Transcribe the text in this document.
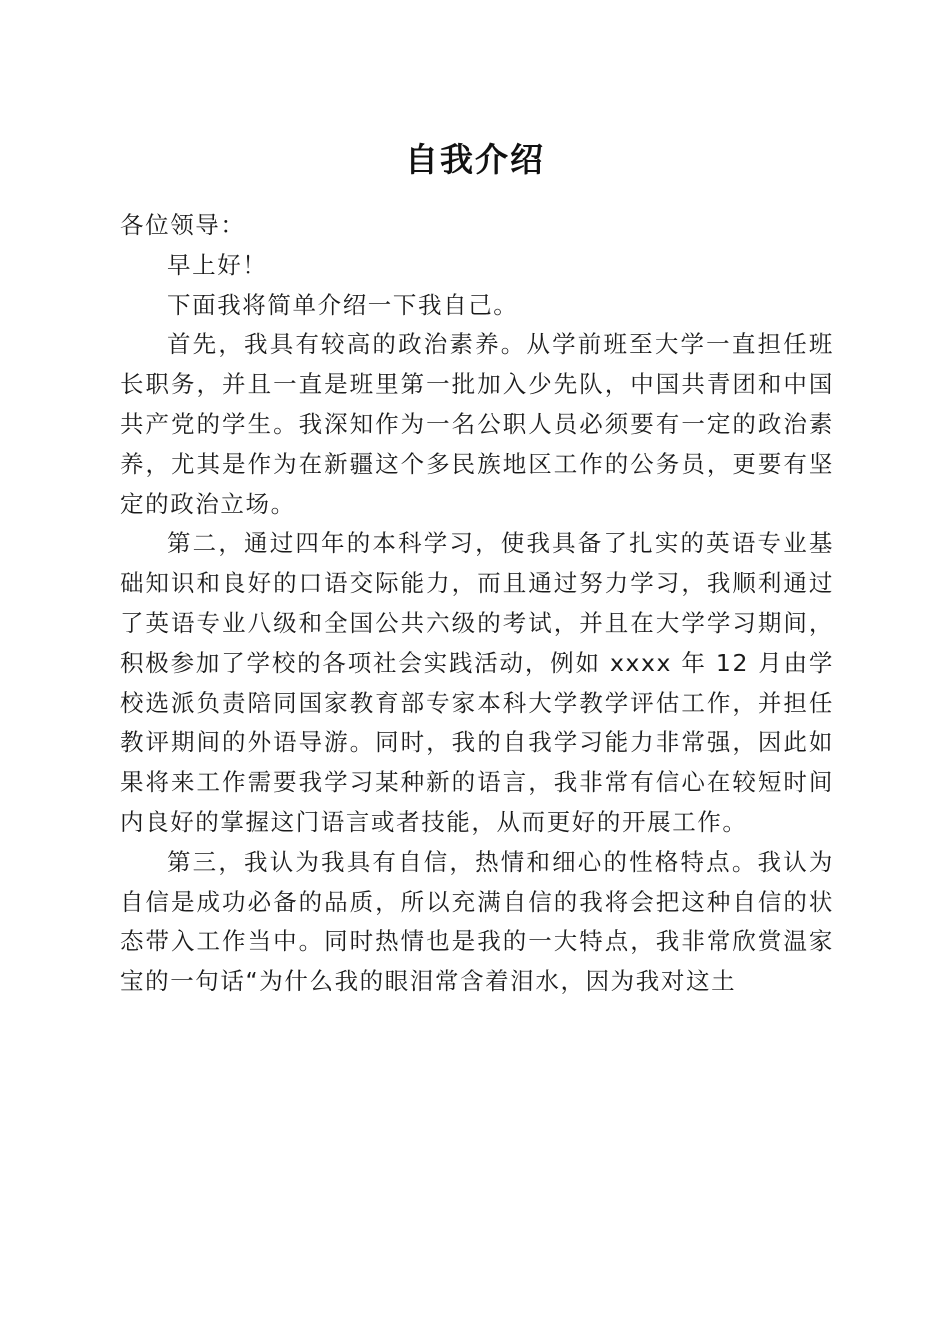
自我介绍

各位领导：

早上好！

下面我将简单介绍一下我自己。

首先，我具有较高的政治素养。从学前班至大学一直担任班长职务，并且一直是班里第一批加入少先队，中国共青团和中国共产党的学生。我深知作为一名公职人员必须要有一定的政治素养，尤其是作为在新疆这个多民族地区工作的公务员，更要有坚定的政治立场。

第二，通过四年的本科学习，使我具备了扎实的英语专业基础知识和良好的口语交际能力，而且通过努力学习，我顺利通过了英语专业八级和全国公共六级的考试，并且在大学学习期间，积极参加了学校的各项社会实践活动，例如 xxxx 年 12 月由学校选派负责陪同国家教育部专家本科大学教学评估工作，并担任教评期间的外语导游。同时，我的自我学习能力非常强，因此如果将来工作需要我学习某种新的语言，我非常有信心在较短时间内良好的掌握这门语言或者技能，从而更好的开展工作。

第三，我认为我具有自信，热情和细心的性格特点。我认为自信是成功必备的品质，所以充满自信的我将会把这种自信的状态带入工作当中。同时热情也是我的一大特点，我非常欣赏温家宝的一句话“为什么我的眼泪常含着泪水，因为我对这土
